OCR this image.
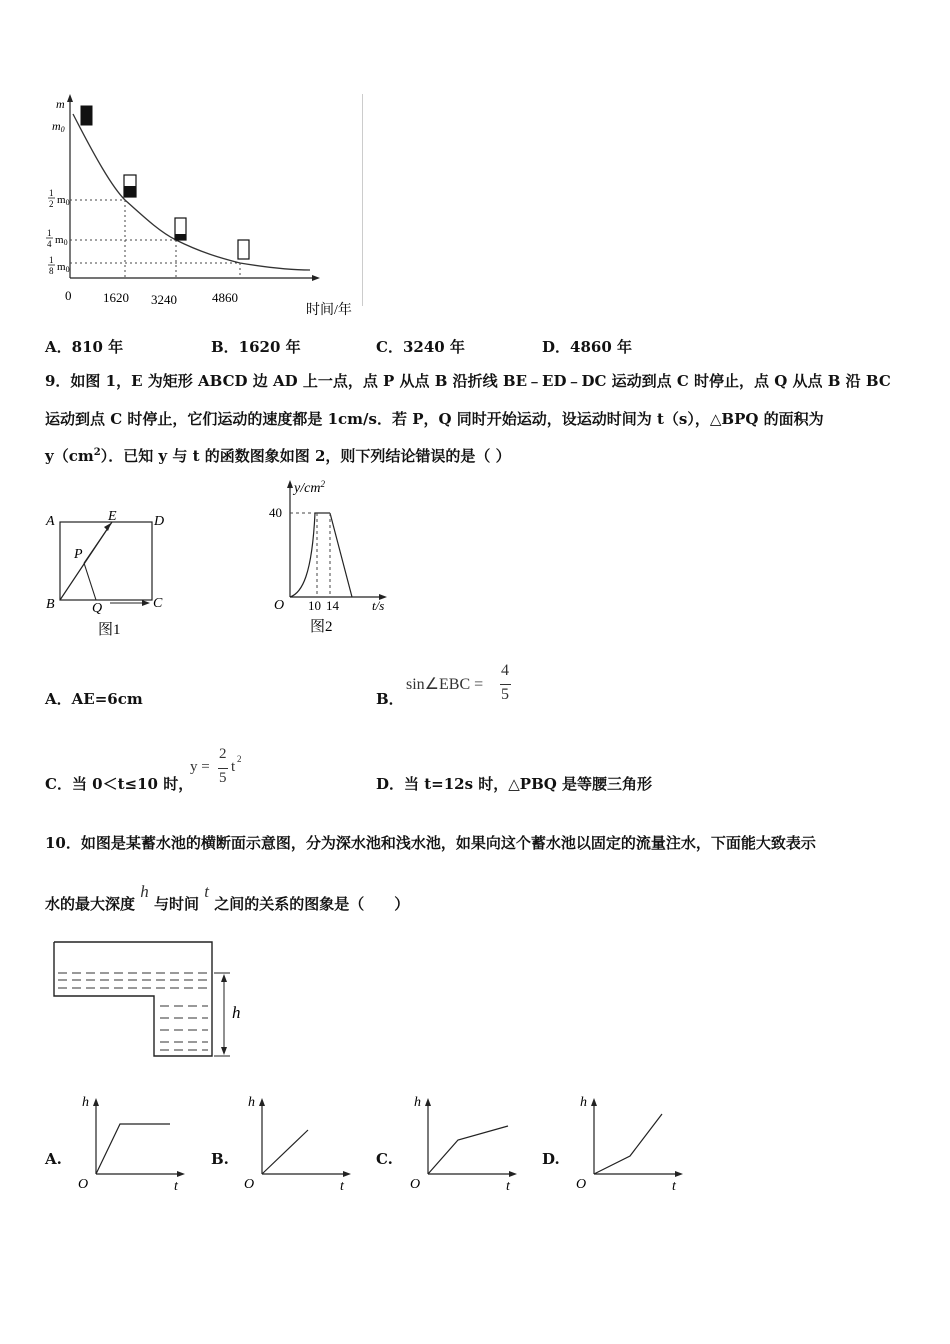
m
m0
1
2 m0
1
4 m0
1
8 m0
0 1620 3240	4860
时间/年
A．810 年	B．1620 年	C．3240 年	D．4860 年
9．如图 1，E 为矩形 ABCD 边 AD 上一点，点 P 从点 B 沿折线 BE﹣ED﹣DC 运动到点 C 时停止，点 Q 从点 B 沿 BC
运动到点 C 时停止，它们运动的速度都是 1cm/s．若 P，Q 同时开始运动，设运动时间为 t（s），△BPQ 的面积为
$y(cm^2)$．已知 y 与 t 的函数图象如图 2，则下列结论错误的是（ ）
A	E	D
P
B	Q	C
图1
$y/cm^2$
40
O 10 14	t/s
图2
A．AE=6cm	B．
sin∠EBC =
4
5
C．当 0＜t≤10 时，
y =
2
5
t 2
D．当 t=12s 时，△PBQ 是等腰三角形
10．如图是某蓄水池的横断面示意图，分为深水池和浅水池，如果向这个蓄水池以固定的流量注水，下面能大致表示
水的最大深度 h 与时间 t 之间的关系的图象是（　　）
h
h
O	t
A.
h
O	t
B.
h
O	t
C.
h
O	t
D.
